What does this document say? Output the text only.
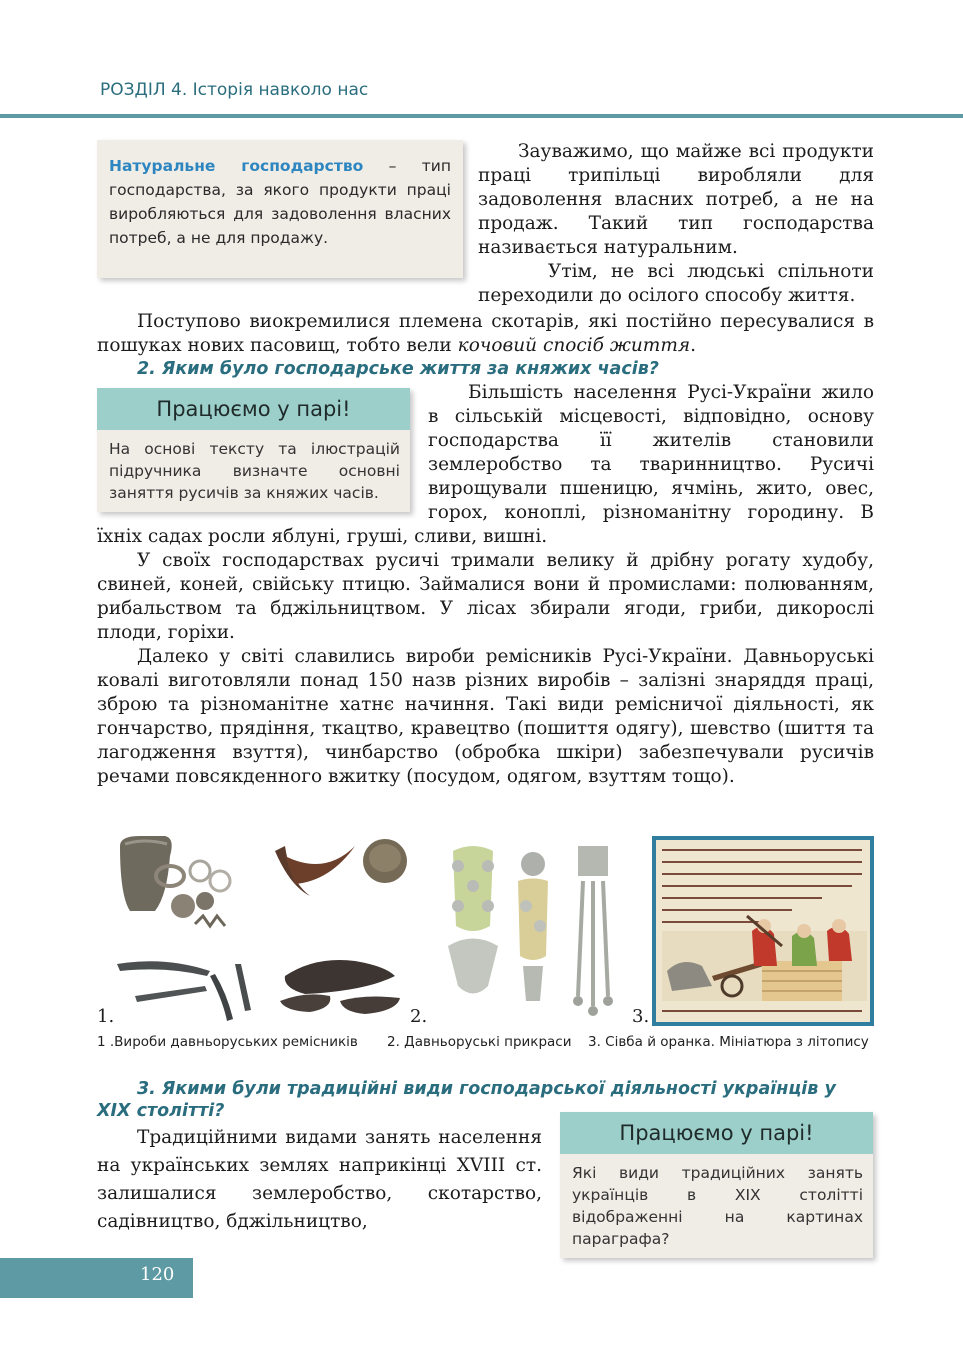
РОЗДІЛ 4. Історія навколо нас
Натуральне господарство – тип господарства, за якого продукти праці виробляються для задоволення власних потреб, а не для продажу.

Зауважимо, що майже всі продукти праці трипільці виробляли для задоволення власних потреб, а не на продаж. Такий тип господарства називається натуральним.

Утім, не всі людські спільноти переходили до осілого способу життя.

Поступово виокремилися племена скотарів, які постійно пересувалися в пошуках нових пасовищ, тобто вели кочовий спосіб життя.

2. Яким було господарське життя за княжих часів?

Працюємо у парі!
На основі тексту та ілюстрацій підручника визначте основні заняття русичів за княжих часів.

Більшість населення Русі-України жило в сільській місцевості, відповідно, основу господарства її жителів становили землеробство та тваринництво. Русичі вирощували пшеницю, ячмінь, жито, овес, горох, коноплі, різноманітну городину. В

їхніх садах росли яблуні, груші, сливи, вишні.

У своїх господарствах русичі тримали велику й дрібну рогату худобу, свиней, коней, свійську птицю. Займалися вони й промислами: полюванням, рибальством та бджільництвом. У лісах збирали ягоди, гриби, дикорослі плоди, горіхи.

Далеко у світі славились вироби ремісників Русі-України. Давньоруські ковалі виготовляли понад 150 назв різних виробів – залізні знаряддя праці, зброю та різноманітне хатнє начиння. Такі види ремісничої діяльності, як гончарство, прядіння, ткацтво, кравецтво (пошиття одягу), шевство (шиття та лагодження взуття), чинбарство (обробка шкіри) забезпечували русичів речами повсякденного вжитку (посудом, одягом, взуттям тощо).

1.	2.	3.
1 .Вироби давньоруських ремісників 2. Давньоруські прикраси 3. Сівба й оранка. Мініатюра з літопису

3. Якими були традиційні види господарської діяльності українців у XIX столітті?

Традиційними видами занять населення на українських землях наприкінці XVIII ст. залишалися землеробство, скотарство, садівництво, бджільництво,

Працюємо у парі!
Які види традиційних занять українців в XIX столітті відображенні на картинах параграфа?
120
